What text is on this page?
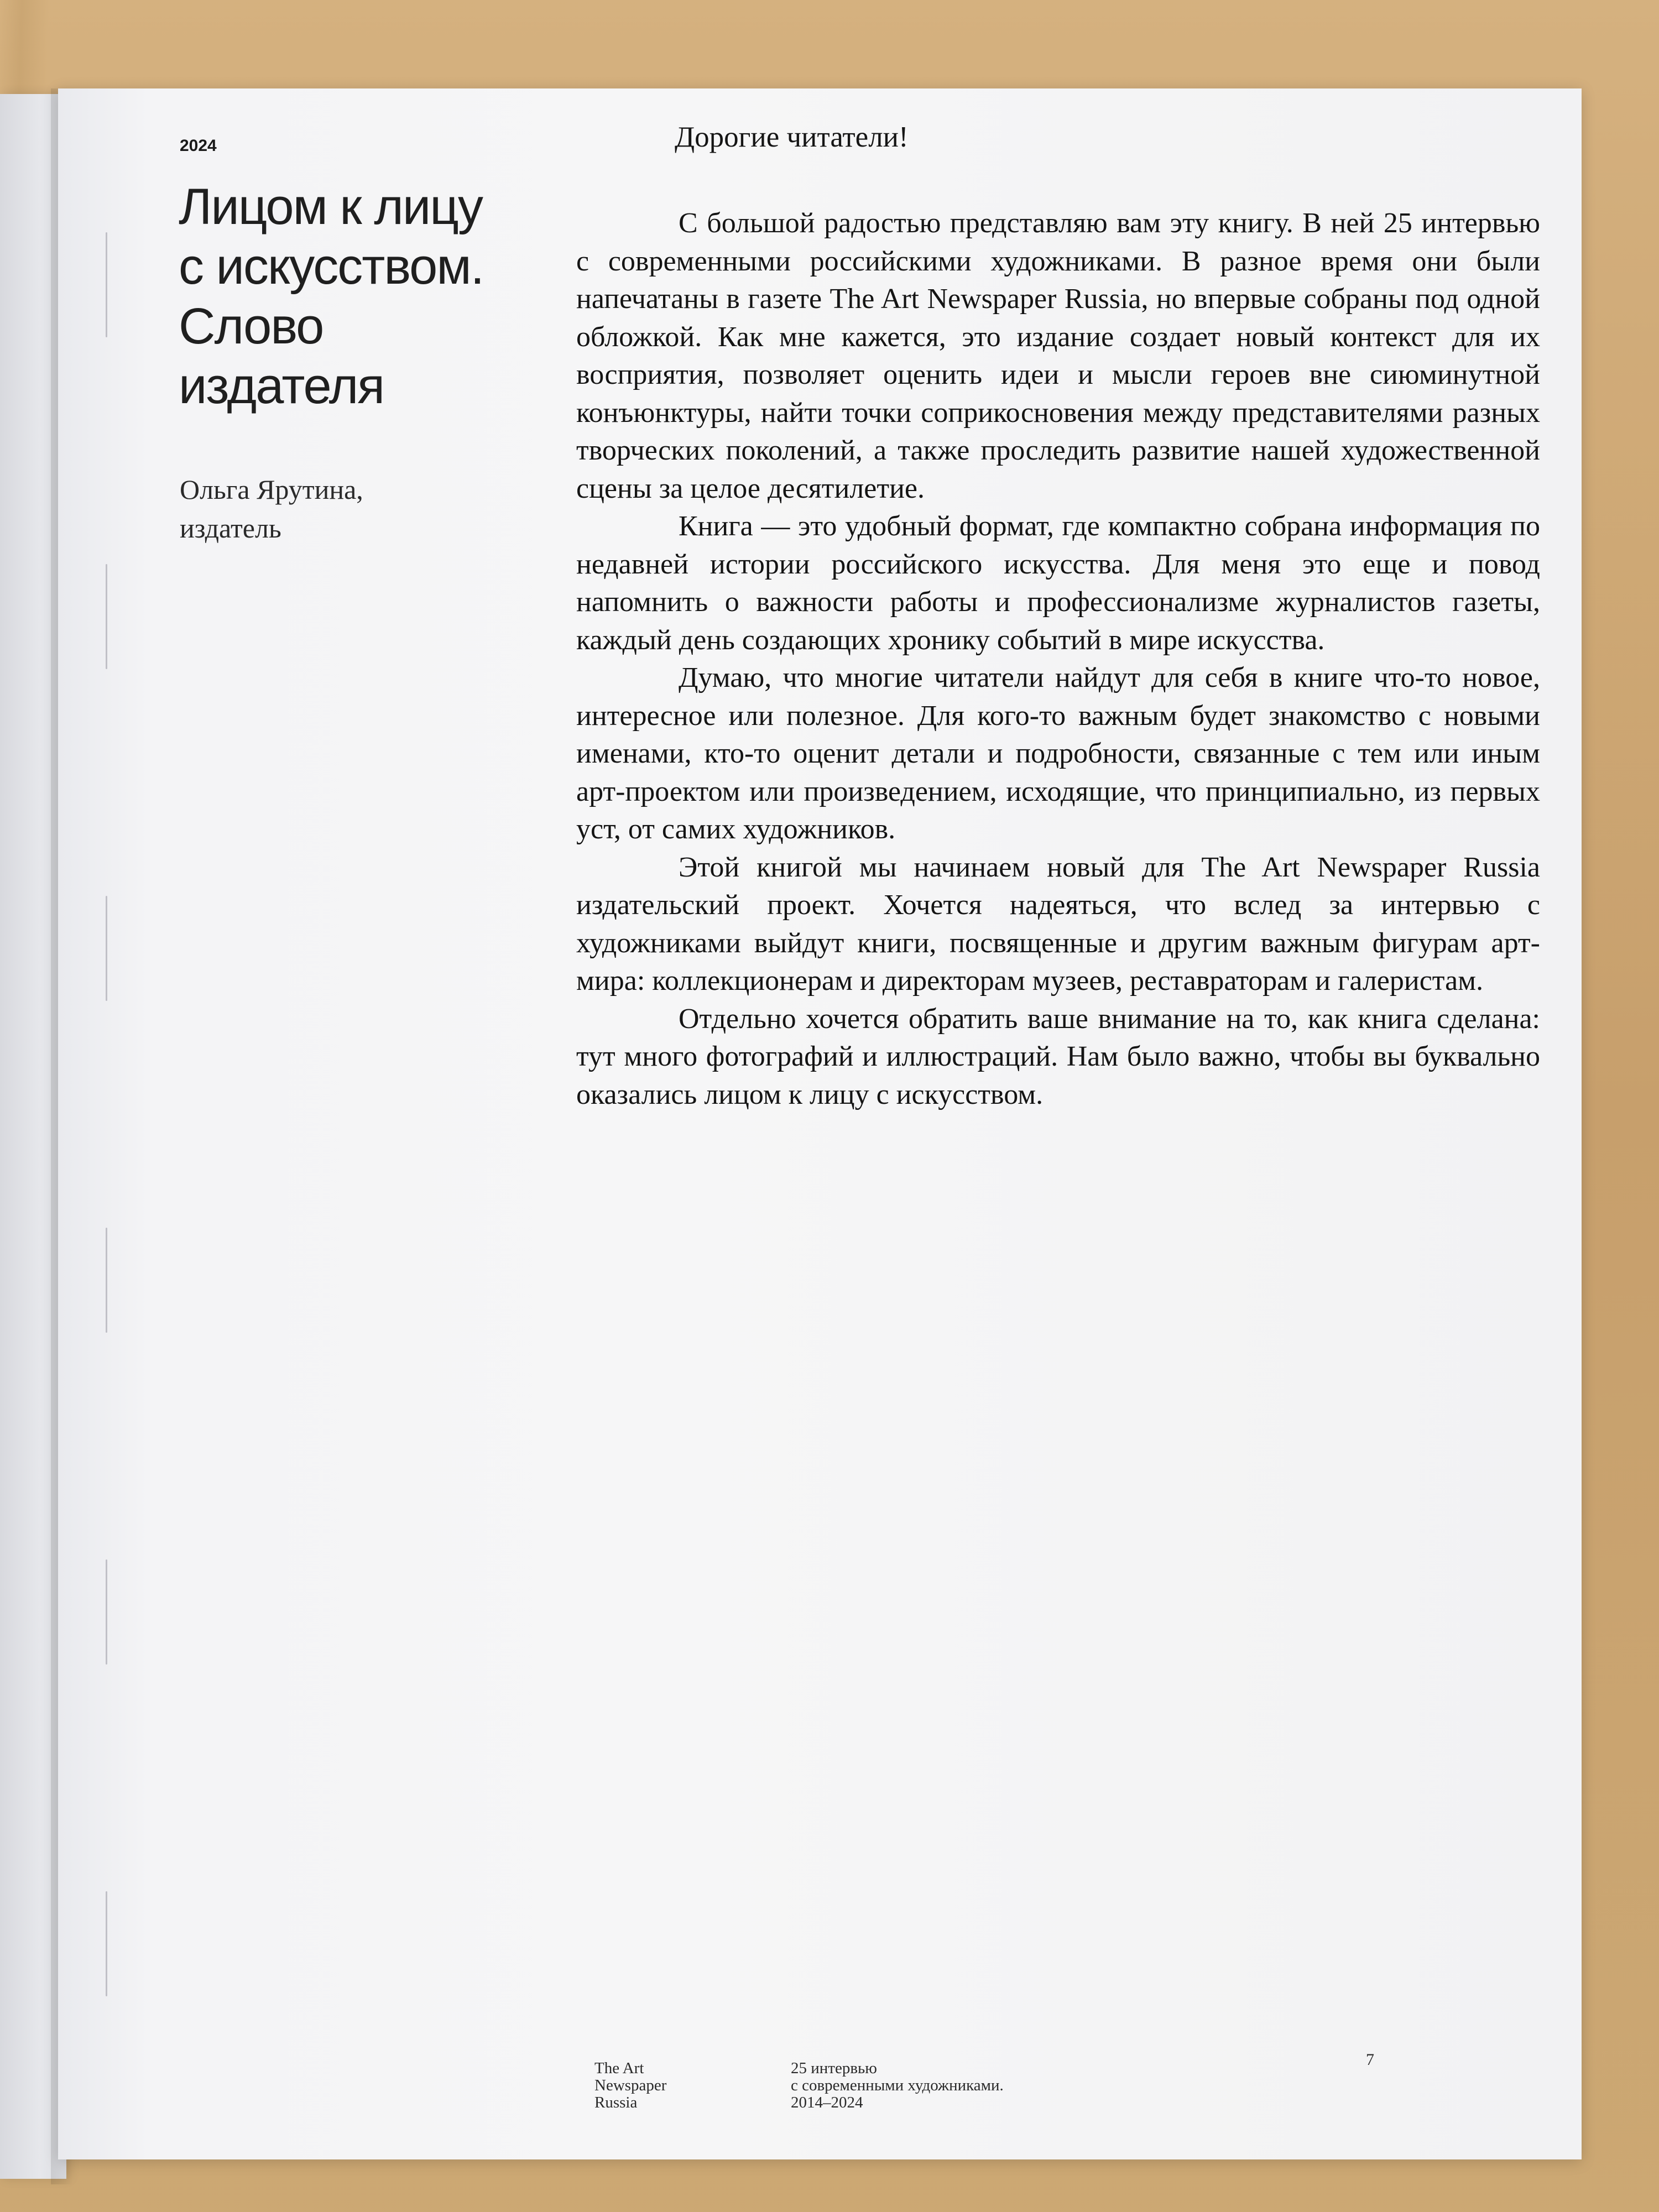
2024
Лицом к лицу
с искусством.
Слово
издателя
Ольга Ярутина,
издатель
Дорогие читатели!

С большой радостью представляю вам эту книгу. В ней 25 интервью с современными российскими художниками. В разное время они были напечатаны в газете The Art Newspaper Russia, но впервые собраны под одной обложкой. Как мне кажется, это издание создает новый контекст для их восприятия, позволяет оценить идеи и мысли героев вне сиюминутной конъюнктуры, найти точки соприкосновения между представителями разных творческих поколений, а также проследить развитие нашей художественной сцены за целое десятилетие.

Книга — это удобный формат, где компактно собрана информация по недавней истории российского искусства. Для меня это еще и повод напомнить о важности работы и профессионализме журналистов газеты, каждый день создающих хронику событий в мире искусства.

Думаю, что многие читатели найдут для себя в книге что-то новое, интересное или полезное. Для кого-то важным будет знакомство с новыми именами, кто-то оценит детали и подробности, связанные с тем или иным арт-проектом или произведением, исходящие, что принципиально, из первых уст, от самих художников.

Этой книгой мы начинаем новый для The Art Newspaper Russia издательский проект. Хочется надеяться, что вслед за интервью с художниками выйдут книги, посвященные и другим важным фигурам арт-мира: коллекционерам и директорам музеев, реставраторам и галеристам.

Отдельно хочется обратить ваше внимание на то, как книга сделана: тут много фотографий и иллюстраций. Нам было важно, чтобы вы буквально оказались лицом к лицу с искусством.

The Art
Newspaper
Russia
25 интервью
с современными художниками.
2014–2024
7
